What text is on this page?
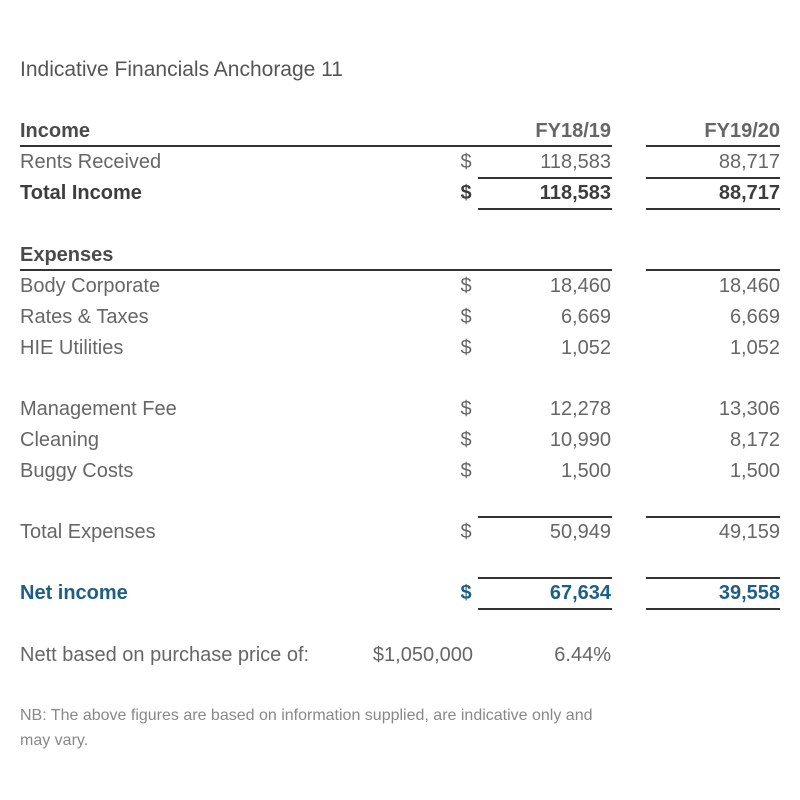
Indicative Financials Anchorage 11
Income	FY18/19	FY19/20
Rents Received	$	118,583	88,717
Total Income	$	118,583	88,717
Expenses
Body Corporate	$	18,460	18,460
Rates & Taxes	$	6,669	6,669
HIE Utilities	$	1,052	1,052
Management Fee	$	12,278	13,306
Cleaning	$	10,990	8,172
Buggy Costs	$	1,500	1,500
Total Expenses	$	50,949	49,159
Net income	$	67,634	39,558
Nett based on purchase price of:	$1,050,000	6.44%
NB: The above figures are based on information supplied, are indicative only and may vary.
